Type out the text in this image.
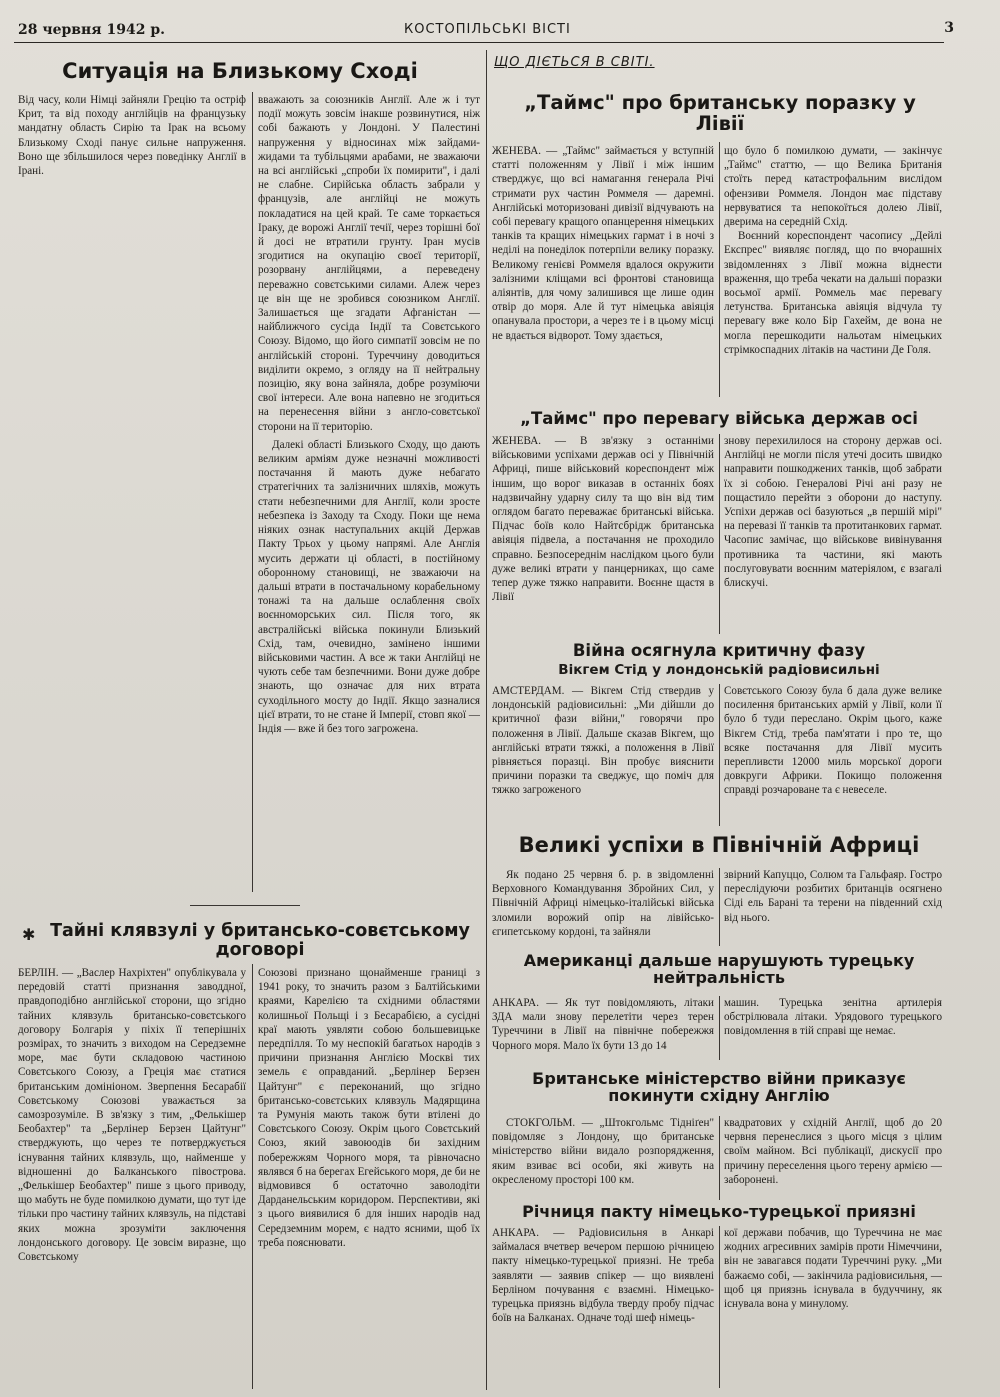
28 червня 1942 р.	КОСТОПІЛЬСЬКІ ВІСТІ	3
Ситуація на Близькому Сході

Від часу, коли Німці зайняли Грецію та остріф Крит, та від походу англійців на французьку мандатну область Сирію та Ірак на всьому Близькому Сході панує сильне напруження. Воно ще збільшилося через поведінку Англії в Ірані.

вважають за союзників Англії. Але ж і тут події можуть зовсім інакше розвинутися, ніж собі бажають у Лондоні. У Палестині напруження у відносинах між зайдами-жидами та тубільцями арабами, не зважаючи на всі англійські „спроби їх помирити", і далі не слабне. Сирійська область забрали у французів, але англійці не можуть покладатися на цей край. Те саме торкається Іраку, де ворожі Англії течії, через торішні бої й досі не втратили грунту. Іран мусів згодитися на окупацію своєї території, розорвану англійцями, а переведену переважно совєтськими силами. Алеж через це він ще не зробився союзником Англії. Залишається ще згадати Афганістан — найближчого сусіда Індії та Совєтського Союзу. Відомо, що його симпатії зовсім не по англійській стороні. Туреччину доводиться виділити окремо, з огляду на її нейтральну позицію, яку вона зайняла, добре розуміючи свої інтереси. Але вона напевно не згодиться на перенесення війни з англо-совєтської сторони на її територію.

Далекі області Близького Сходу, що дають великим арміям дуже незначні можливості постачання й мають дуже небагато стратегічних та залізничних шляхів, можуть стати небезпечними для Англії, коли зросте небезпека із Заходу та Сходу. Поки ще нема ніяких ознак наступальних акцій Держав Пакту Трьох у цьому напрямі. Але Англія мусить держати ці області, в постійному оборонному становищі, не зважаючи на дальші втрати в постачальному корабельному тонажі та на дальше ослаблення своїх воєнноморських сил. Після того, як австралійські війська покинули Близький Схід, там, очевидно, замінено іншими військовими частин. А все ж таки Англійці не чують себе там безпечними. Вони дуже добре знають, що означає для них втрата суходільного мосту до Індії. Якщо зазналися цієї втрати, то не стане й Імперії, стовп якої — Індія — вже й без того загрожена.

✱ Тайні клявзулі у британсько-совєтському договорі

БЕРЛІН. — „Васлер Нахріхтен" опублікувала у передовій статті признання заводдної, правдоподібно англійської сторони, що згідно тайних клявзуль британсько-совєтського договору Болгарія у піхіх її теперішніх розмірах, то значить з виходом на Середземне море, має бути складовою частиною Совєтського Союзу, а Греція має статися британським домініоном. Зверпення Бесарабії Совєтському Союзові уважається за самозрозуміле. В зв'язку з тим, „Фелькішер Беобахтер" та „Берлінер Берзен Цайтунг" стверджують, що через те потверджується існування тайних клявзуль, що, найменше у відношенні до Балканського півострова. „Фелькішер Беобахтер" пише з цього приводу, що мабуть не буде помилкою думати, що тут іде тільки про частину тайних клявзуль, на підставі яких можна зрозуміти заключення лондонського договору. Це зовсім виразне, що Совєтському

Союзові признано щонайменше границі з 1941 року, то значить разом з Балтійськими краями, Карелією та східними областями колишньої Польщі і з Бесарабією, а сусідні краї мають уявляти собою большевицьке передпілля. То му неспокій багатьох народів з причини признання Англією Москві тих земель є оправданий. „Берлінер Берзен Цайтунг" є переконаний, що згідно британсько-совєтських клявзуль Мадярщина та Румунія мають також бути втілені до Совєтського Союзу. Окрім цього Совєтський Союз, який завоюодів би західним побережжям Чорного моря, та рівночасно являвся б на берегах Егейського моря, де би не відмовився б остаточно заволодіти Дарданельським коридором. Перспективи, які з цього виявилися б для інших народів над Середземним морем, є надто ясними, щоб їх треба пояснювати.

ЩО ДІЄТЬСЯ В СВІТІ.
„Таймс" про британську поразку у Лівії

ЖЕНЕВА. — „Таймс" займається у вступній статті положенням у Лівії і між іншим стверджує, що всі намагання генерала Річі стримати рух частин Роммеля — даремні. Англійські моторизовані дивізії відчувають на собі перевагу кращого опанцерення німецьких танків та кращих німецьких гармат і в ночі з неділі на понеділок потерпіли велику поразку. Великому генієві Роммеля вдалося окружити залізними кліщами всі фронтові становища аліянтів, для чому залишився ще лише один отвір до моря. Але й тут німецька авіяція опанувала простори, а через те і в цьому місці не вдається відворот. Тому здається,

що було б помилкою думати, — закінчує „Таймс" статтю, — що Велика Британія стоїть перед катастрофальним вислідом офензиви Роммеля. Лондон має підставу нервуватися та непокоїться долею Лівії, дверима на середній Схід.

Воєнний кореспондент часопису „Дейлі Експрес" виявляє погляд, що по вчорашніх звідомленнях з Лівії можна віднести враження, що треба чекати на дальші поразки восьмої армії. Роммель має перевагу летунства. Британська авіяція відчула ту перевагу вже коло Бір Гахейм, де вона не могла перешкодити нальотам німецьких стрімкоспадних літаків на частини Де Голя.

„Таймс" про перевагу війська держав осі

ЖЕНЕВА. — В зв'язку з останніми військовими успіхами держав осі у Північній Африці, пише військовий кореспондент між іншим, що ворог виказав в останніх боях надзвичайну ударну силу та що він від тим оглядом багато переважає британські війська. Підчас боїв коло Найтсбрідж британська авіяція підвела, а постачання не проходило справно. Безпосереднім наслідком цього були дуже великі втрати у панцерниках, що саме тепер дуже тяжко направити. Воєнне щастя в Лівії

знову перехилилося на сторону держав осі. Англійці не могли після утечі досить швидко направити пошкоджених танків, щоб забрати їх зі собою. Генералові Річі ані разу не пощастило перейти з оборони до наступу. Успіхи держав осі базуються „в першій мірі" на перевазі її танків та протитанкових гармат. Часопис замічає, що військове вивінування противника та частини, які мають послуговувати воєнним матеріялом, є взагалі блискучі.

Війна осягнула критичну фазу
Вікгем Стід у лондонській радіовисильні

АМСТЕРДАМ. — Вікгем Стід ствердив у лондонській радіовисильні: „Ми дійшли до критичної фази війни," говорячи про положення в Лівії. Дальше сказав Вікгем, що англійські втрати тяжкі, а положення в Лівії рівняється поразці. Він пробує вияснити причини поразки та сведжує, що поміч для тяжко загроженого

Совєтського Союзу була б дала дуже велике посилення британських армій у Лівії, коли її було б туди переслано. Окрім цього, каже Вікгем Стід, треба пам'ятати і про те, що всяке постачання для Лівії мусить перепливсти 12000 миль морської дороги довкруги Африки. Покищо положення справді розчароване та є невеселе.

Великі успіхи в Північній Африці

Як подано 25 червня б. р. в звідомленні Верховного Командування Збройних Сил, у Північній Африці німецько-італійські війська зломили ворожий опір на лівійсько-єгипетському кордоні, та зайняли

звірний Капуццо, Солюм та Гальфаяр. Гостро переслідуючи розбитих британців осягнено Сіді ель Барані та терени на південний схід від нього.

Американці дальше нарушують турецьку нейтральність

АНКАРА. — Як тут повідомляють, літаки ЗДА мали знову перелетіти через терен Туреччини в Лівії на північне побережжя Чорного моря. Мало їх бути 13 до 14

машин. Турецька зенітна артилерія обстрілювала літаки. Урядового турецького повідомлення в тій справі ще немає.

Британське міністерство війни приказує покинути східну Англію

СТОКГОЛЬМ. — „Штокгольмс Тідніґен" повідомляє з Лондону, що британське міністерство війни видало розпорядження, яким взиває всі особи, які живуть на окресленому просторі 100 км.

квадратових у східній Англії, щоб до 20 червня перенеслися з цього місця з цілим своїм майном. Всі публікації, дискусії про причину переселення цього терену армією — заборонені.

Річниця пакту німецько-турецької приязні

АНКАРА. — Радіовисильня в Анкарі займалася вчетвер вечером першою річницею пакту німецько-турецької приязні. Не треба заявляти — заявив спікер — що виявлені Берліном почування є взаємні. Німецько-турецька приязнь відбула тверду пробу підчас боїв на Балканах. Одначе тоді шеф німець-

кої держави побачив, що Туреччина не має жодних агресивних замірів проти Німеччини, він не завагався подати Туреччині руку. „Ми бажаємо собі, — закінчила радіовисильня, — щоб ця приязнь існувала в будуччину, як існувала вона у минулому.
